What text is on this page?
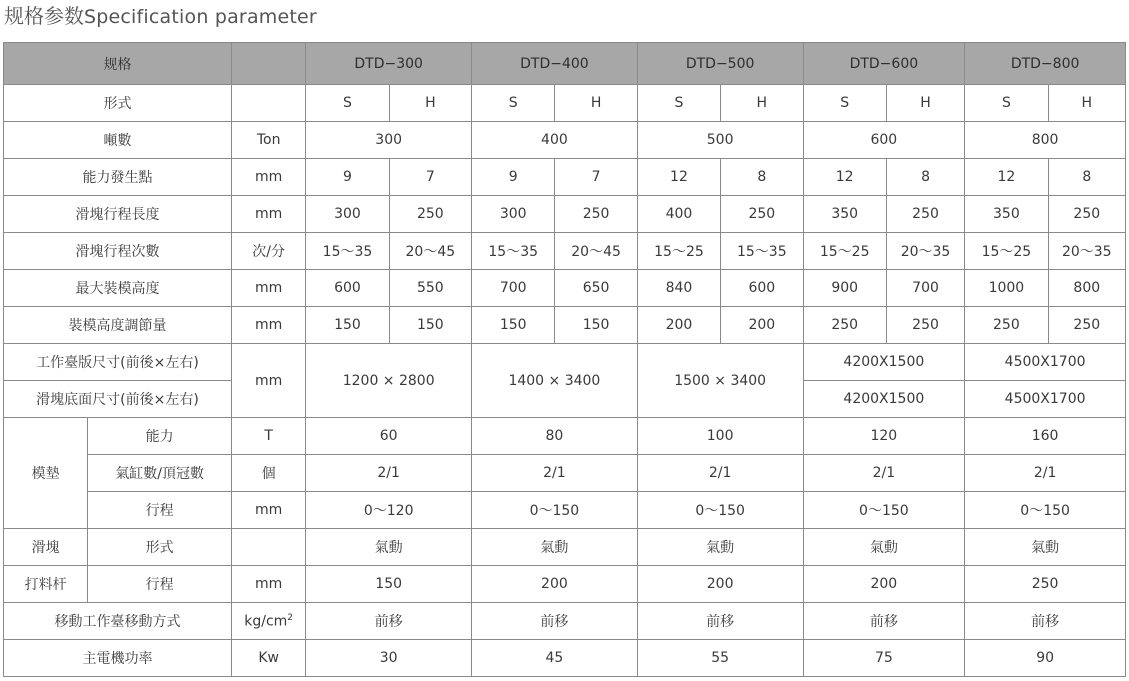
规格参数Specification parameter
规格			DTD−300		DTD−400		DTD−500		DTD−600		DTD−800	
形式			S	H	S	H	S	H	S	H	S	H
噸數		Ton	300		400		500		600		800	
能力發生點		mm	9	7	9	7	12	8	12	8	12	8
滑塊行程長度		mm	300	250	300	250	400	250	350	250	350	250
滑塊行程次數		次/分	15～35	20～45	15～35	20～45	15～25	15～35	15～25	20～35	15～25	20～35
最大裝模高度		mm	600	550	700	650	840	600	900	700	1000	800
裝模高度調節量		mm	150	150	150	150	200	200	250	250	250	250
工作臺版尺寸(前後×左右)		mm	1200 × 2800		1400 × 3400		1500 × 3400		4200X1500		4500X1700	
滑塊底面尺寸(前後×左右)									4200X1500		4500X1700	
模墊	能力	T	60		80		100		120		160	
	氣缸數/頂冠數	個	2/1		2/1		2/1		2/1		2/1	
	行程	mm	0～120		0～150		0～150		0～150		0～150	
滑塊	形式		氣動		氣動		氣動		氣動		氣動	
打料杆	行程	mm	150		200		200		200		250	
移動工作臺移動方式		$kg/cm^2$	前移		前移		前移		前移		前移	
主電機功率		Kw	30		45		55		75		90	
